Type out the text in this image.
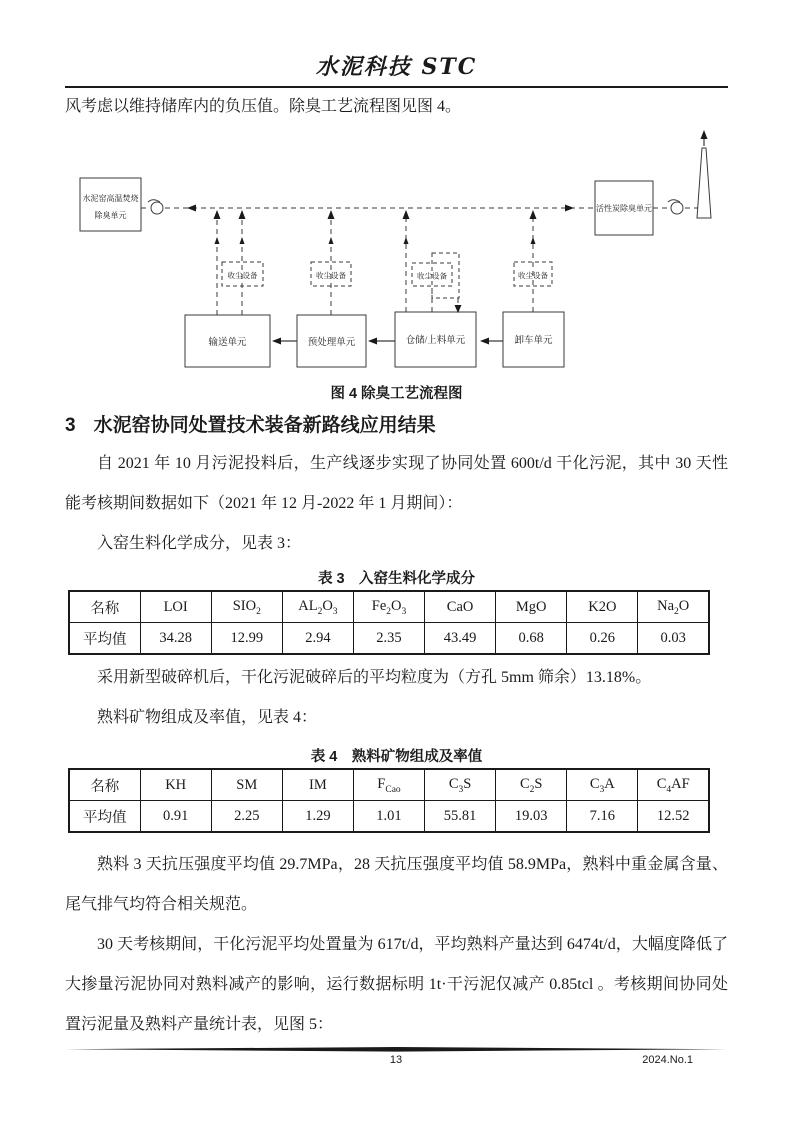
水泥科技 STC
风考虑以维持储库内的负压值。除臭工艺流程图见图 4。
水泥窑高温焚烧
除臭单元
活性炭除臭单元
输送单元	预处理单元	仓储/上料单元	卸车单元
收尘设备	收尘设备	收尘设备	收尘设备
图 4 除臭工艺流程图
3 水泥窑协同处置技术装备新路线应用结果

自 2021 年 10 月污泥投料后，生产线逐步实现了协同处置 600t/d 干化污泥，其中 30 天性能考核期间数据如下（2021 年 12 月-2022 年 1 月期间）：

入窑生料化学成分，见表 3：

表 3　入窑生料化学成分
名称	LOI	$SIO_2$	$AL_2O_3$	$Fe_2O_3$	CaO	MgO	K2O	$Na_2O$
平均值	34.28	12.99	2.94	2.35	43.49	0.68	0.26	0.03

采用新型破碎机后，干化污泥破碎后的平均粒度为（方孔 5mm 筛余）13.18%。

熟料矿物组成及率值，见表 4：

表 4　熟料矿物组成及率值
名称	KH	SM	IM	$F_{Cao}$	$C_3S$	$C_2S$	$C_3A$	$C_4AF$
平均值	0.91	2.25	1.29	1.01	55.81	19.03	7.16	12.52

熟料 3 天抗压强度平均值 29.7MPa，28 天抗压强度平均值 58.9MPa，熟料中重金属含量、尾气排气均符合相关规范。

30 天考核期间，干化污泥平均处置量为 617t/d，平均熟料产量达到 6474t/d，大幅度降低了大掺量污泥协同对熟料减产的影响，运行数据标明 1t·干污泥仅减产 0.85tcl 。考核期间协同处置污泥量及熟料产量统计表，见图 5：

13	2024.No.1
